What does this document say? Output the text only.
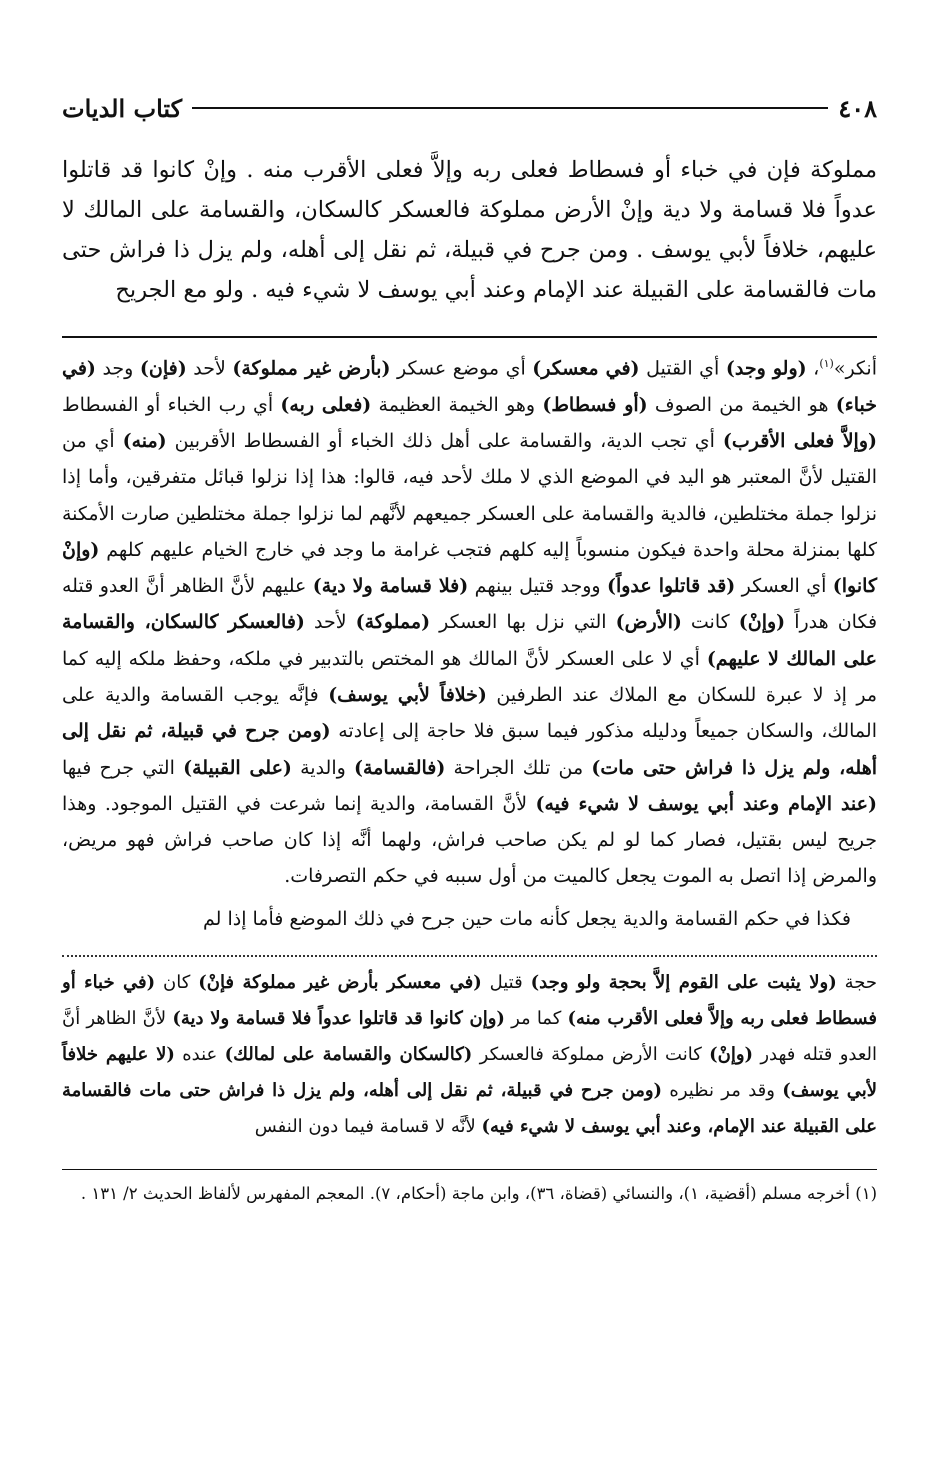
٤٠٨
كتاب الديات

مملوكة فإن في خباء أو فسطاط فعلى ربه وإلاَّ فعلى الأقرب منه . وإنْ كانوا قد قاتلوا عدواً فلا قسامة ولا دية وإنْ الأرض مملوكة فالعسكر كالسكان، والقسامة على المالك لا عليهم، خلافاً لأبي يوسف . ومن جرح في قبيلة، ثم نقل إلى أهله، ولم يزل ذا فراش حتى مات فالقسامة على القبيلة عند الإمام وعند أبي يوسف لا شيء فيه . ولو مع الجريح

أنكر»$^{(١)}$، (ولو وجد) أي القتيل (في معسكر) أي موضع عسكر (بأرض غير مملوكة) لأحد (فإن) وجد (في خباء) هو الخيمة من الصوف (أو فسطاط) وهو الخيمة العظيمة (فعلى ربه) أي رب الخباء أو الفسطاط (وإلاَّ فعلى الأقرب) أي تجب الدية، والقسامة على أهل ذلك الخباء أو الفسطاط الأقربين (منه) أي من القتيل لأنَّ المعتبر هو اليد في الموضع الذي لا ملك لأحد فيه، قالوا: هذا إذا نزلوا قبائل متفرقين، وأما إذا نزلوا جملة مختلطين، فالدية والقسامة على العسكر جميعهم لأنَّهم لما نزلوا جملة مختلطين صارت الأمكنة كلها بمنزلة محلة واحدة فيكون منسوباً إليه كلهم فتجب غرامة ما وجد في خارج الخيام عليهم كلهم (وإنْ كانوا) أي العسكر (قد قاتلوا عدواً) ووجد قتيل بينهم (فلا قسامة ولا دية) عليهم لأنَّ الظاهر أنَّ العدو قتله فكان هدراً (وإنْ) كانت (الأرض) التي نزل بها العسكر (مملوكة) لأحد (فالعسكر كالسكان، والقسامة على المالك لا عليهم) أي لا على العسكر لأنَّ المالك هو المختص بالتدبير في ملكه، وحفظ ملكه إليه كما مر إذ لا عبرة للسكان مع الملاك عند الطرفين (خلافاً لأبي يوسف) فإنَّه يوجب القسامة والدية على المالك، والسكان جميعاً ودليله مذكور فيما سبق فلا حاجة إلى إعادته (ومن جرح في قبيلة، ثم نقل إلى أهله، ولم يزل ذا فراش حتى مات) من تلك الجراحة (فالقسامة) والدية (على القبيلة) التي جرح فيها (عند الإمام وعند أبي يوسف لا شيء فيه) لأنَّ القسامة، والدية إنما شرعت في القتيل الموجود. وهذا جريح ليس بقتيل، فصار كما لو لم يكن صاحب فراش، ولهما أنَّه إذا كان صاحب فراش فهو مريض، والمرض إذا اتصل به الموت يجعل كالميت من أول سببه في حكم التصرفات.

فكذا في حكم القسامة والدية يجعل كأنه مات حين جرح في ذلك الموضع فأما إذا لم

حجة (ولا يثبت على القوم إلاَّ بحجة ولو وجد) قتيل (في معسكر بأرض غير مملوكة فإنْ) كان (في خباء أو فسطاط فعلى ربه وإلاَّ فعلى الأقرب منه) كما مر (وإن كانوا قد قاتلوا عدواً فلا قسامة ولا دية) لأنَّ الظاهر أنَّ العدو قتله فهدر (وإنْ) كانت الأرض مملوكة فالعسكر (كالسكان والقسامة على لمالك) عنده (لا عليهم خلافاً لأبي يوسف) وقد مر نظيره (ومن جرح في قبيلة، ثم نقل إلى أهله، ولم يزل ذا فراش حتى مات فالقسامة على القبيلة عند الإمام، وعند أبي يوسف لا شيء فيه) لأنَّه لا قسامة فيما دون النفس

(١) أخرجه مسلم (أقضية، ١)، والنسائي (قضاة، ٣٦)، وابن ماجة (أحكام، ٧). المعجم المفهرس لألفاظ الحديث ٢/ ١٣١ .
